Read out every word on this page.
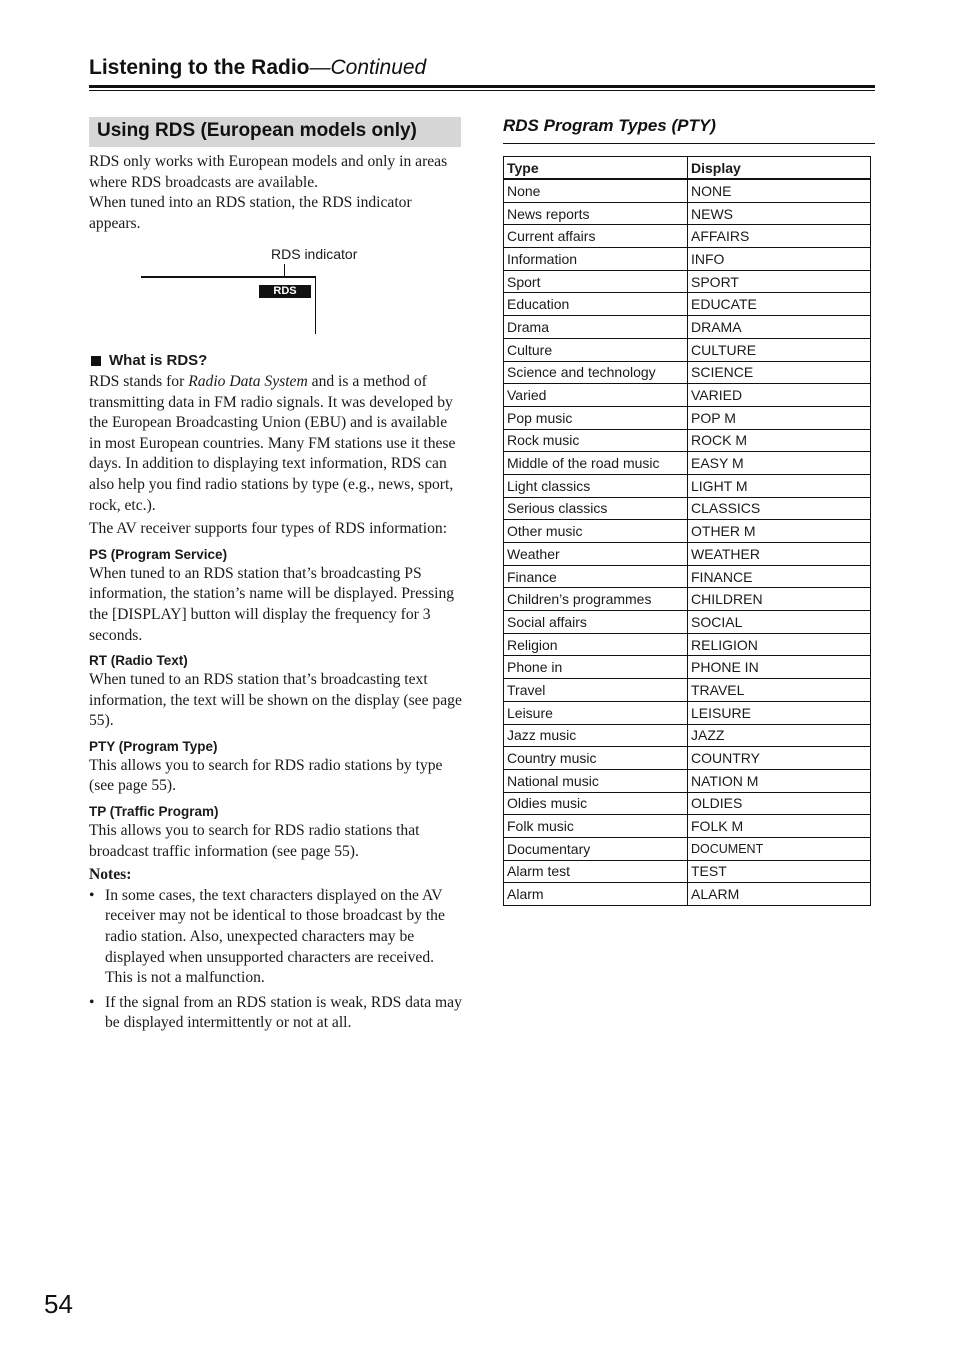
Listening to the Radio—Continued
Using RDS (European models only)

RDS only works with European models and only in areas where RDS broadcasts are available.

When tuned into an RDS station, the RDS indicator appears.

RDS indicator
RDS

What is RDS?

RDS stands for Radio Data System and is a method of transmitting data in FM radio signals. It was developed by the European Broadcasting Union (EBU) and is available in most European countries. Many FM stations use it these days. In addition to displaying text information, RDS can also help you find radio stations by type (e.g., news, sport, rock, etc.).

The AV receiver supports four types of RDS information:

PS (Program Service)

When tuned to an RDS station that’s broadcasting PS information, the station’s name will be displayed. Pressing the [DISPLAY] button will display the frequency for 3 seconds.

RT (Radio Text)

When tuned to an RDS station that’s broadcasting text information, the text will be shown on the display (see page 55).

PTY (Program Type)

This allows you to search for RDS radio stations by type (see page 55).

TP (Traffic Program)

This allows you to search for RDS radio stations that broadcast traffic information (see page 55).

Notes:

• In some cases, the text characters displayed on the AV receiver may not be identical to those broadcast by the radio station. Also, unexpected characters may be displayed when unsupported characters are received. This is not a malfunction.
• If the signal from an RDS station is weak, RDS data may be displayed intermittently or not at all.
RDS Program Types (PTY)
Type	Display
None	NONE
News reports	NEWS
Current affairs	AFFAIRS
Information	INFO
Sport	SPORT
Education	EDUCATE
Drama	DRAMA
Culture	CULTURE
Science and technology	SCIENCE
Varied	VARIED
Pop music	POP M
Rock music	ROCK M
Middle of the road music	EASY M
Light classics	LIGHT M
Serious classics	CLASSICS
Other music	OTHER M
Weather	WEATHER
Finance	FINANCE
Children’s programmes	CHILDREN
Social affairs	SOCIAL
Religion	RELIGION
Phone in	PHONE IN
Travel	TRAVEL
Leisure	LEISURE
Jazz music	JAZZ
Country music	COUNTRY
National music	NATION M
Oldies music	OLDIES
Folk music	FOLK M
Documentary	DOCUMENT
Alarm test	TEST
Alarm	ALARM
54
